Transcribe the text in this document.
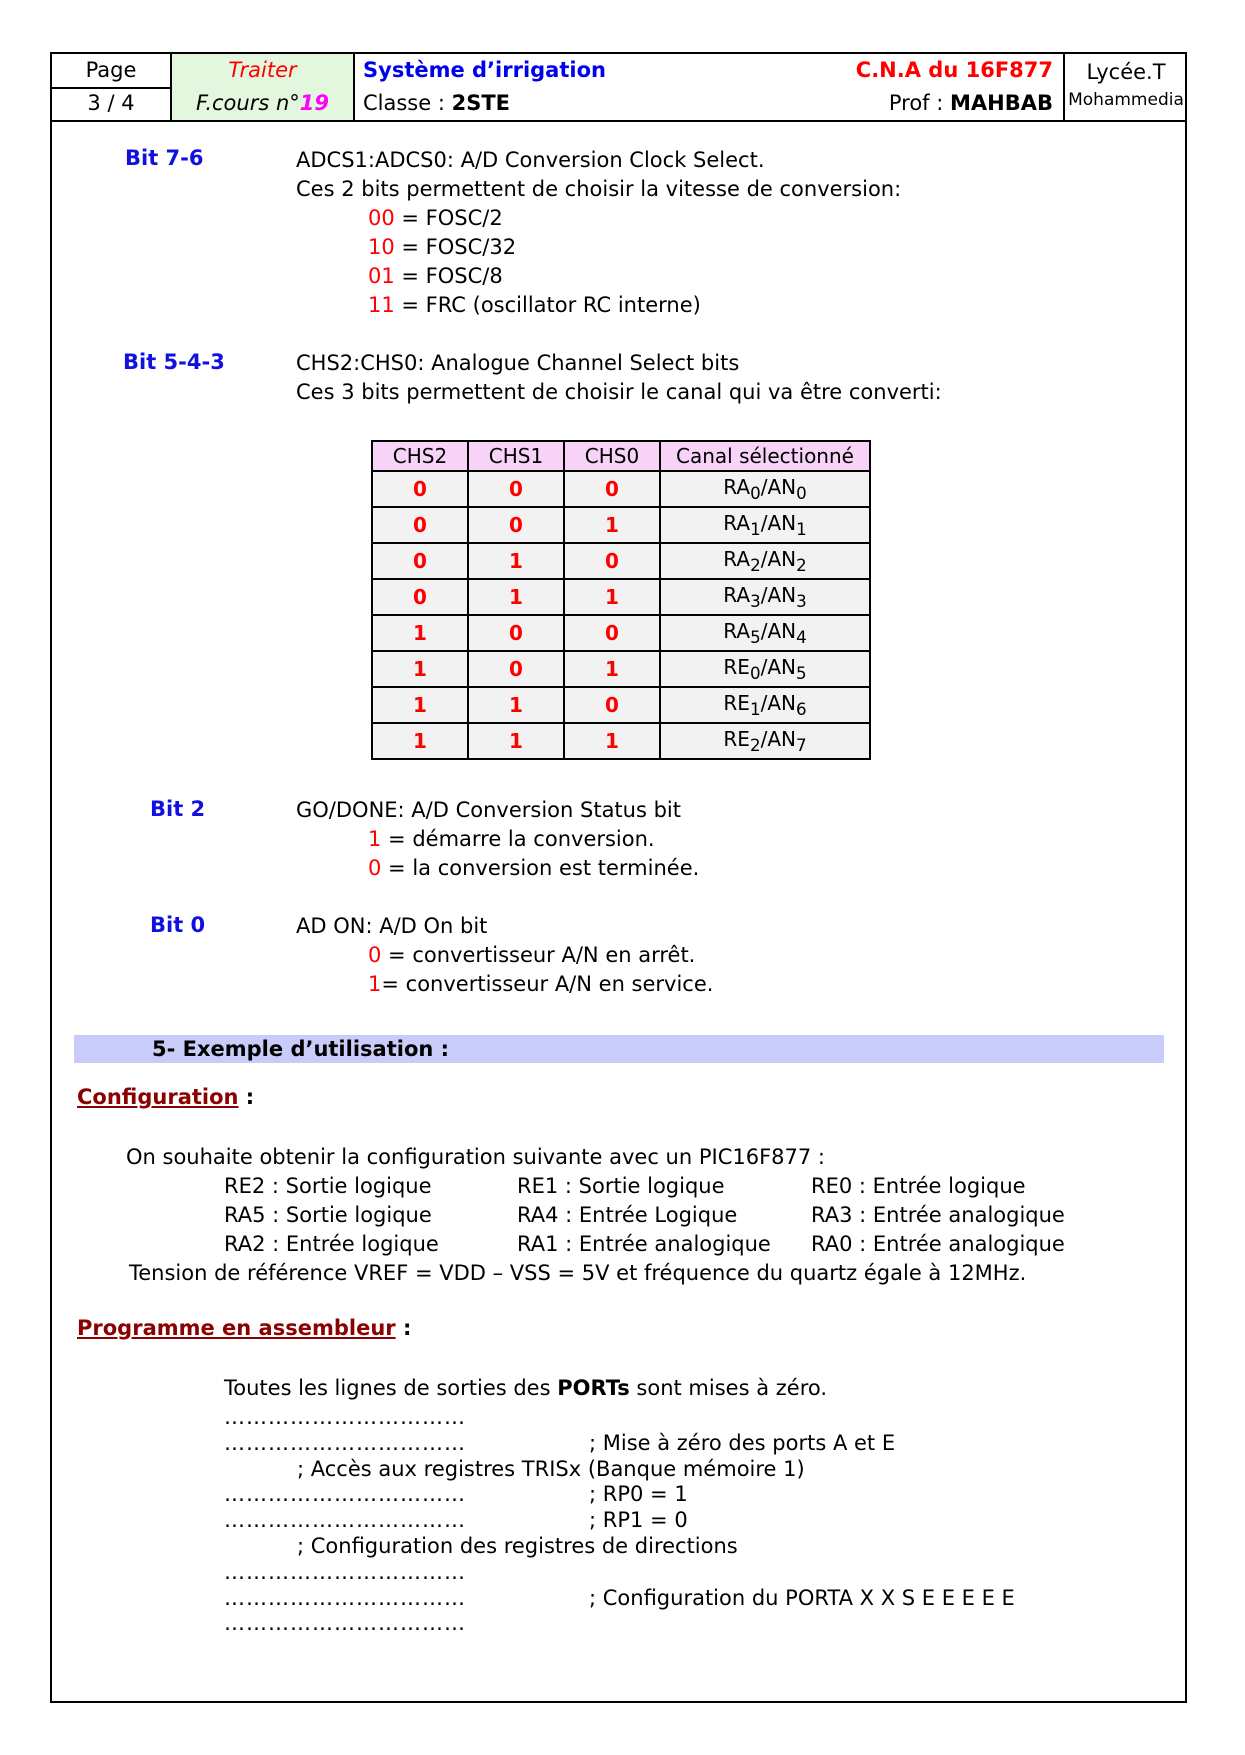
Page
3 / 4
Traiter
F.cours n°19
Système d’irrigation	C.N.A du 16F877
Classe : 2STE	Prof : MAHBAB
Lycée.T
Mohammedia
Bit 7-6	ADCS1:ADCS0: A/D Conversion Clock Select.
Ces 2 bits permettent de choisir la vitesse de conversion:
00 = FOSC/2
10 = FOSC/32
01 = FOSC/8
11 = FRC (oscillator RC interne)
Bit 5-4-3	CHS2:CHS0: Analogue Channel Select bits
Ces 3 bits permettent de choisir le canal qui va être converti:
CHS2	CHS1	CHS0	Canal sélectionné
0	0	0	$RA_0/AN_0$
0	0	1	$RA_1/AN_1$
0	1	0	$RA_2/AN_2$
0	1	1	$RA_3/AN_3$
1	0	0	$RA_5/AN_4$
1	0	1	$RE_0/AN_5$
1	1	0	$RE_1/AN_6$
1	1	1	$RE_2/AN_7$
Bit 2	GO/DONE: A/D Conversion Status bit
1 = démarre la conversion.
0 = la conversion est terminée.
Bit 0	AD ON: A/D On bit
0 = convertisseur A/N en arrêt.
1= convertisseur A/N en service.
5- Exemple d’utilisation :
Configuration :
On souhaite obtenir la configuration suivante avec un PIC16F877 :
RE2 : Sortie logique	RE1 : Sortie logique	RE0 : Entrée logique
RA5 : Sortie logique	RA4 : Entrée Logique	RA3 : Entrée analogique
RA2 : Entrée logique	RA1 : Entrée analogique RA0 : Entrée analogique
Tension de référence VREF = VDD – VSS = 5V et fréquence du quartz égale à 12MHz.
Programme en assembleur :
Toutes les lignes de sorties des PORTs sont mises à zéro.
……………………………
……………………………	; Mise à zéro des ports A et E
; Accès aux registres TRISx (Banque mémoire 1)
……………………………	; RP0 = 1
……………………………	; RP1 = 0
; Configuration des registres de directions
……………………………
……………………………	; Configuration du PORTA X X S E E E E E
……………………………
